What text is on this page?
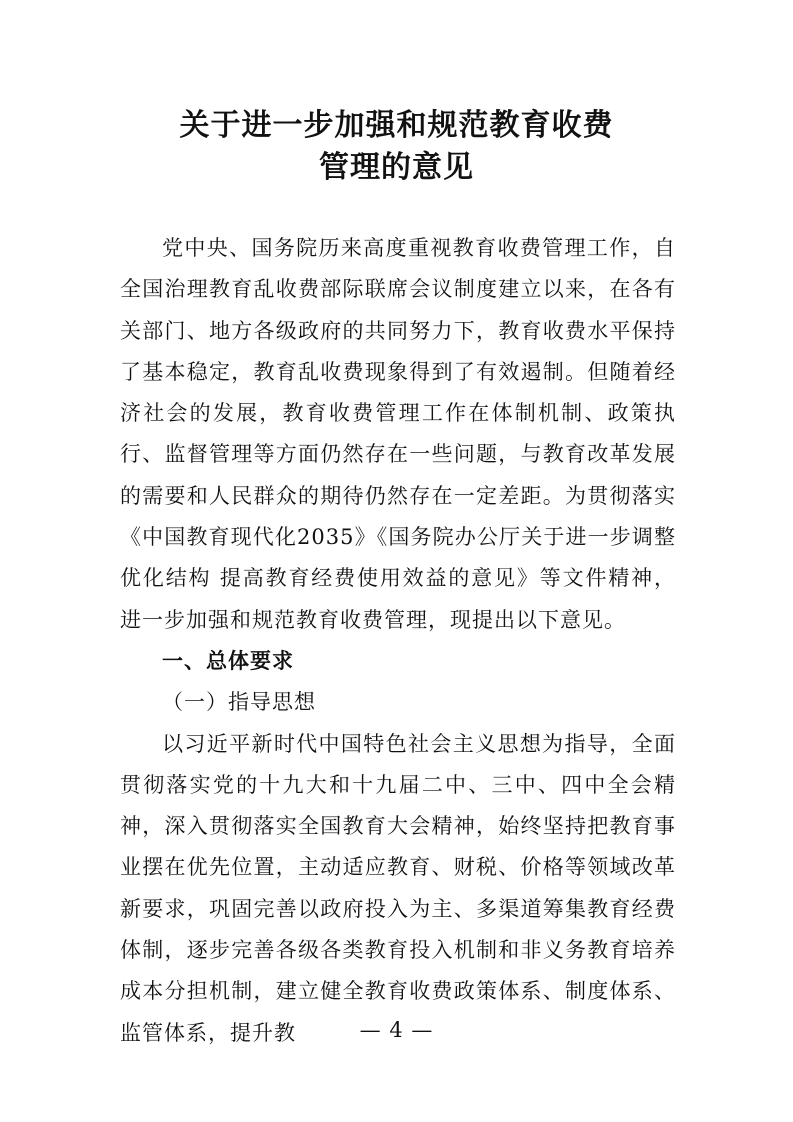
关于进一步加强和规范教育收费
管理的意见

党中央、国务院历来高度重视教育收费管理工作，自全国治理教育乱收费部际联席会议制度建立以来，在各有关部门、地方各级政府的共同努力下，教育收费水平保持了基本稳定，教育乱收费现象得到了有效遏制。但随着经济社会的发展，教育收费管理工作在体制机制、政策执行、监督管理等方面仍然存在一些问题，与教育改革发展的需要和人民群众的期待仍然存在一定差距。为贯彻落实《中国教育现代化2035》《国务院办公厅关于进一步调整优化结构 提高教育经费使用效益的意见》等文件精神，进一步加强和规范教育收费管理，现提出以下意见。

一、总体要求

（一）指导思想

以习近平新时代中国特色社会主义思想为指导，全面贯彻落实党的十九大和十九届二中、三中、四中全会精神，深入贯彻落实全国教育大会精神，始终坚持把教育事业摆在优先位置，主动适应教育、财税、价格等领域改革新要求，巩固完善以政府投入为主、多渠道筹集教育经费体制，逐步完善各级各类教育投入机制和非义务教育培养成本分担机制，建立健全教育收费政策体系、制度体系、监管体系，提升教	— 4 —
